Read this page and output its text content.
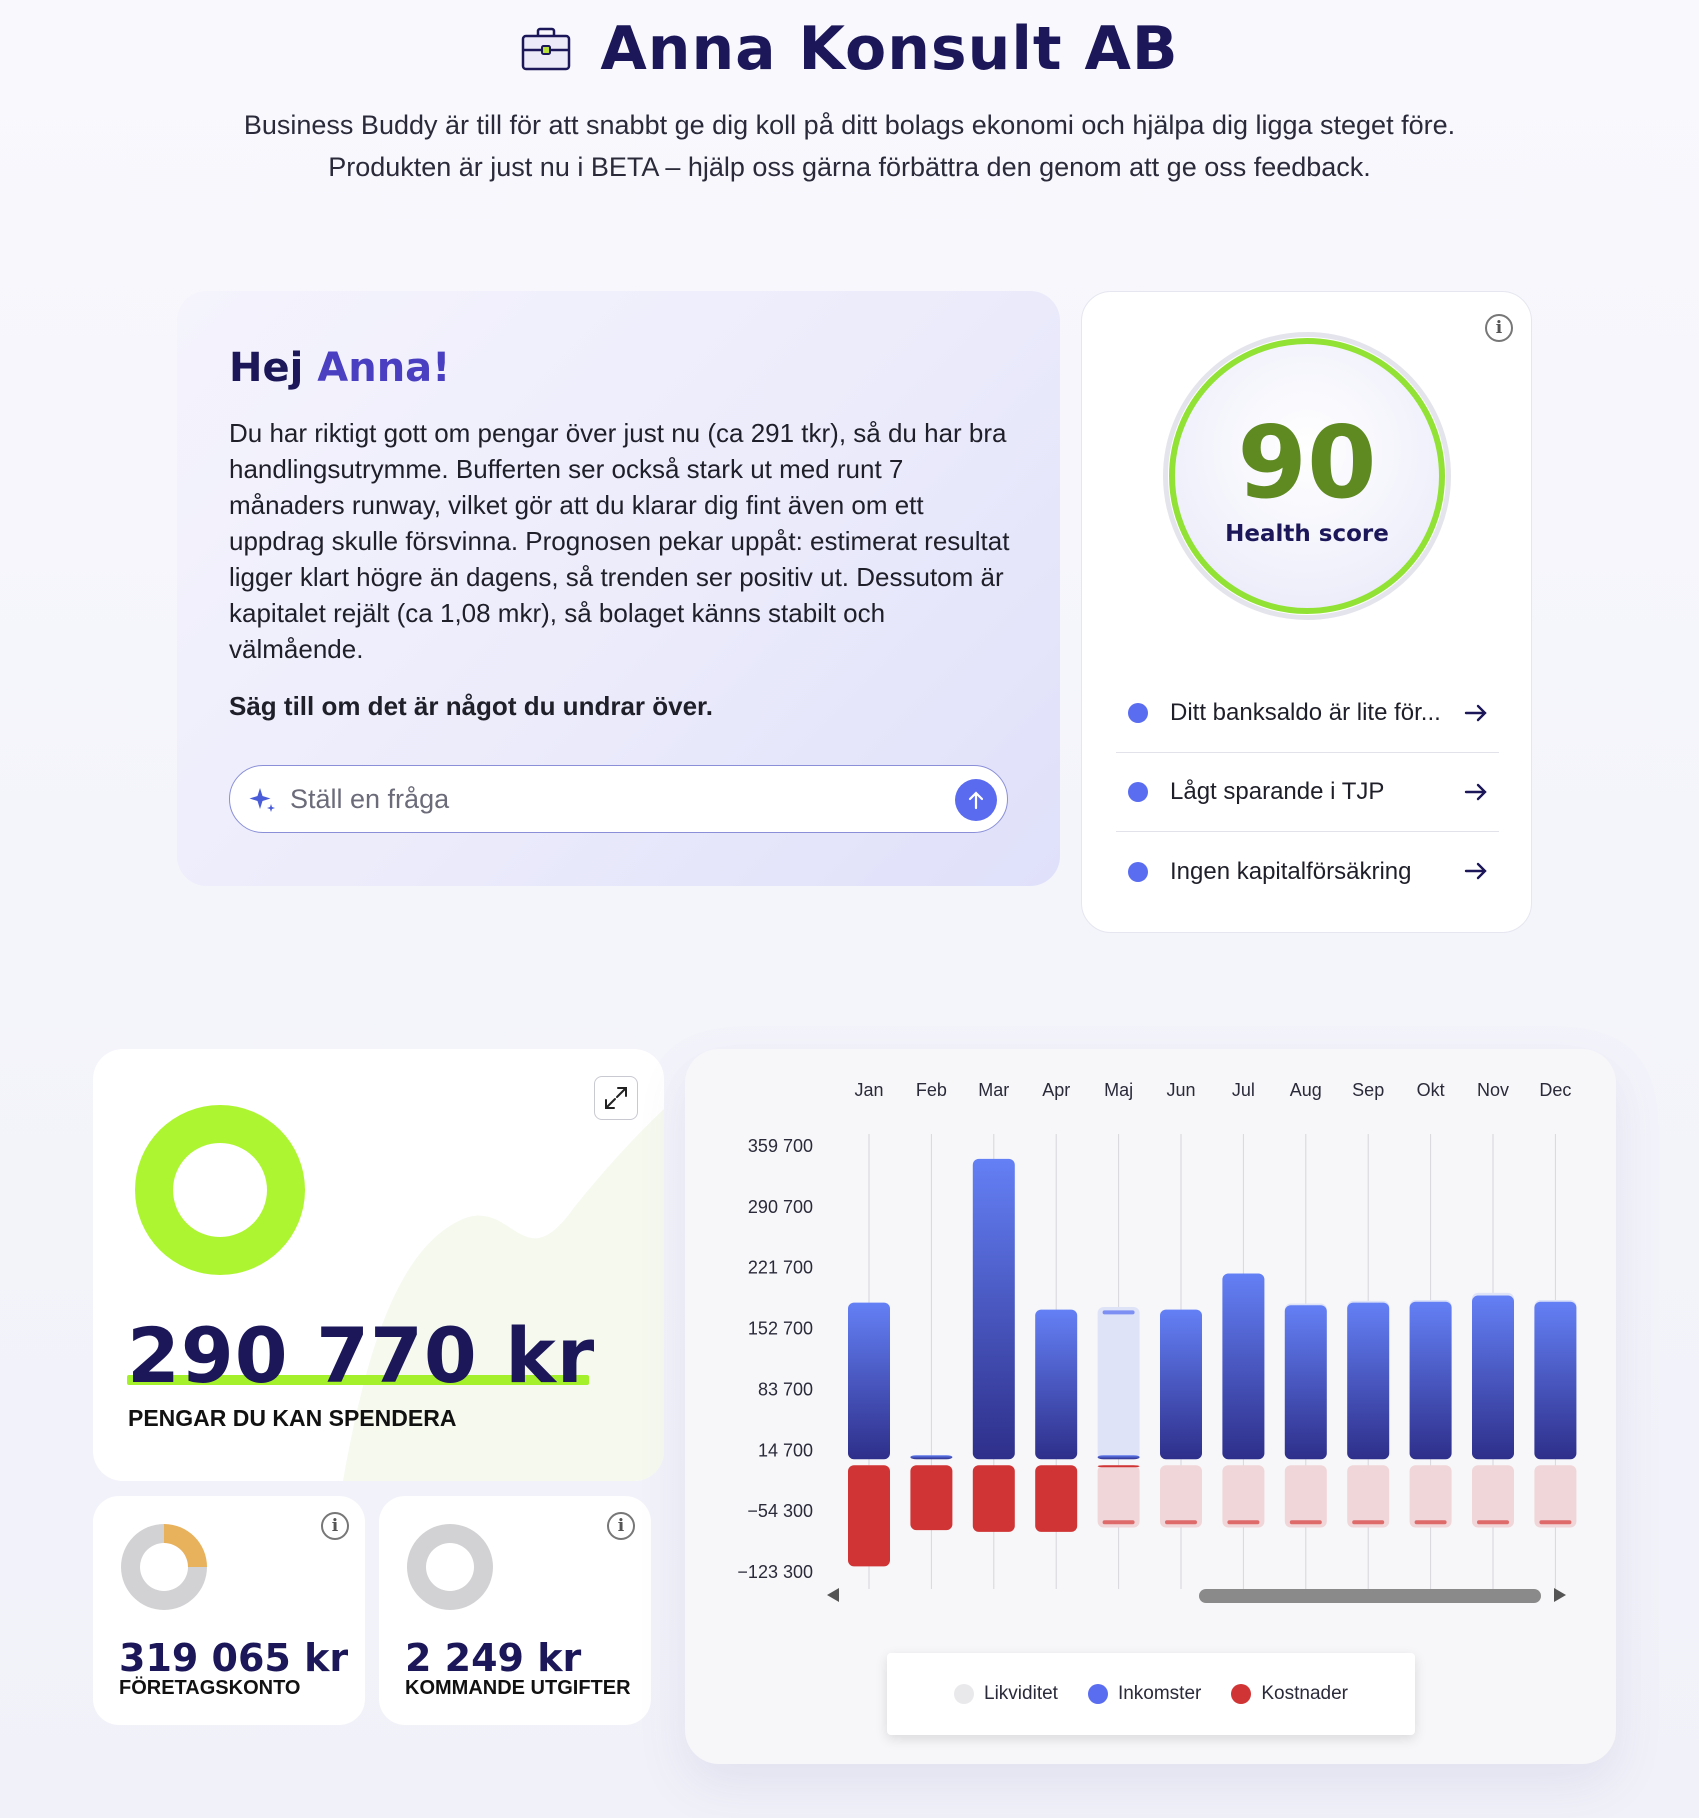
Anna Konsult AB
Business Buddy är till för att snabbt ge dig koll på ditt bolags ekonomi och hjälpa dig ligga steget före.
Produkten är just nu i BETA – hjälp oss gärna förbättra den genom att ge oss feedback.
Hej Anna!

Du har riktigt gott om pengar över just nu (ca 291 tkr), så du har bra handlingsutrymme. Bufferten ser också stark ut med runt 7 månaders runway, vilket gör att du klarar dig fint även om ett uppdrag skulle försvinna. Prognosen pekar uppåt: estimerat resultat ligger klart högre än dagens, så trenden ser positiv ut. Dessutom är kapitalet rejält (ca 1,08 mkr), så bolaget känns stabilt och välmående.

Säg till om det är något du undrar över.

Ställ en fråga
i
90
Health score
Ditt banksaldo är lite för...
Lågt sparande i TJP
Ingen kapitalförsäkring
290 770 kr
PENGAR DU KAN SPENDERA
i
319 065 kr
FÖRETAGSKONTO
i
2 249 kr
KOMMANDE UTGIFTER
359 700
290 700
221 700
152 700
83 700
14 700
−54 300
−123 300
Jan Feb Mar Apr Maj Jun Jul Aug Sep Okt Nov Dec
Likviditet	Inkomster	Kostnader
